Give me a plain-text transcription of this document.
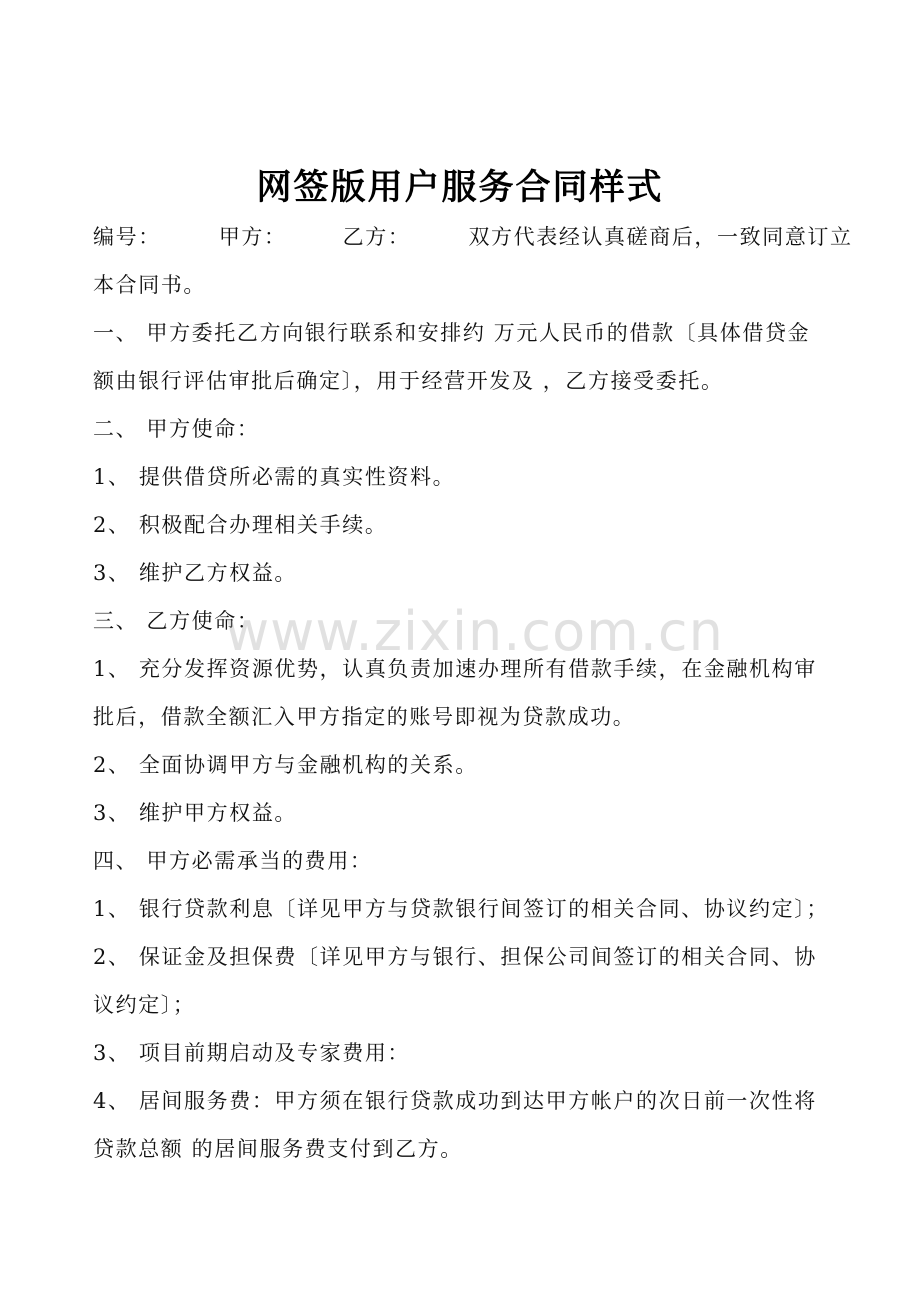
网签版用户服务合同样式
编号：	甲方：	乙方：	双方代表经认真磋商后，一致同意订立
本合同书。
一、 甲方委托乙方向银行联系和安排约 万元人民币的借款〔具体借贷金
额由银行评估审批后确定〕，用于经营开发及 ，乙方接受委托。
二、 甲方使命：
1、 提供借贷所必需的真实性资料。
2、 积极配合办理相关手续。
3、 维护乙方权益。
三、 乙方使命：
1、 充分发挥资源优势，认真负责加速办理所有借款手续，在金融机构审
批后，借款全额汇入甲方指定的账号即视为贷款成功。
2、 全面协调甲方与金融机构的关系。
3、 维护甲方权益。
四、 甲方必需承当的费用：
1、 银行贷款利息〔详见甲方与贷款银行间签订的相关合同、协议约定〕；
2、 保证金及担保费〔详见甲方与银行、担保公司间签订的相关合同、协
议约定〕；
3、 项目前期启动及专家费用：
4、 居间服务费：甲方须在银行贷款成功到达甲方帐户的次日前一次性将
贷款总额 的居间服务费支付到乙方。
www.zixin.com.cn
